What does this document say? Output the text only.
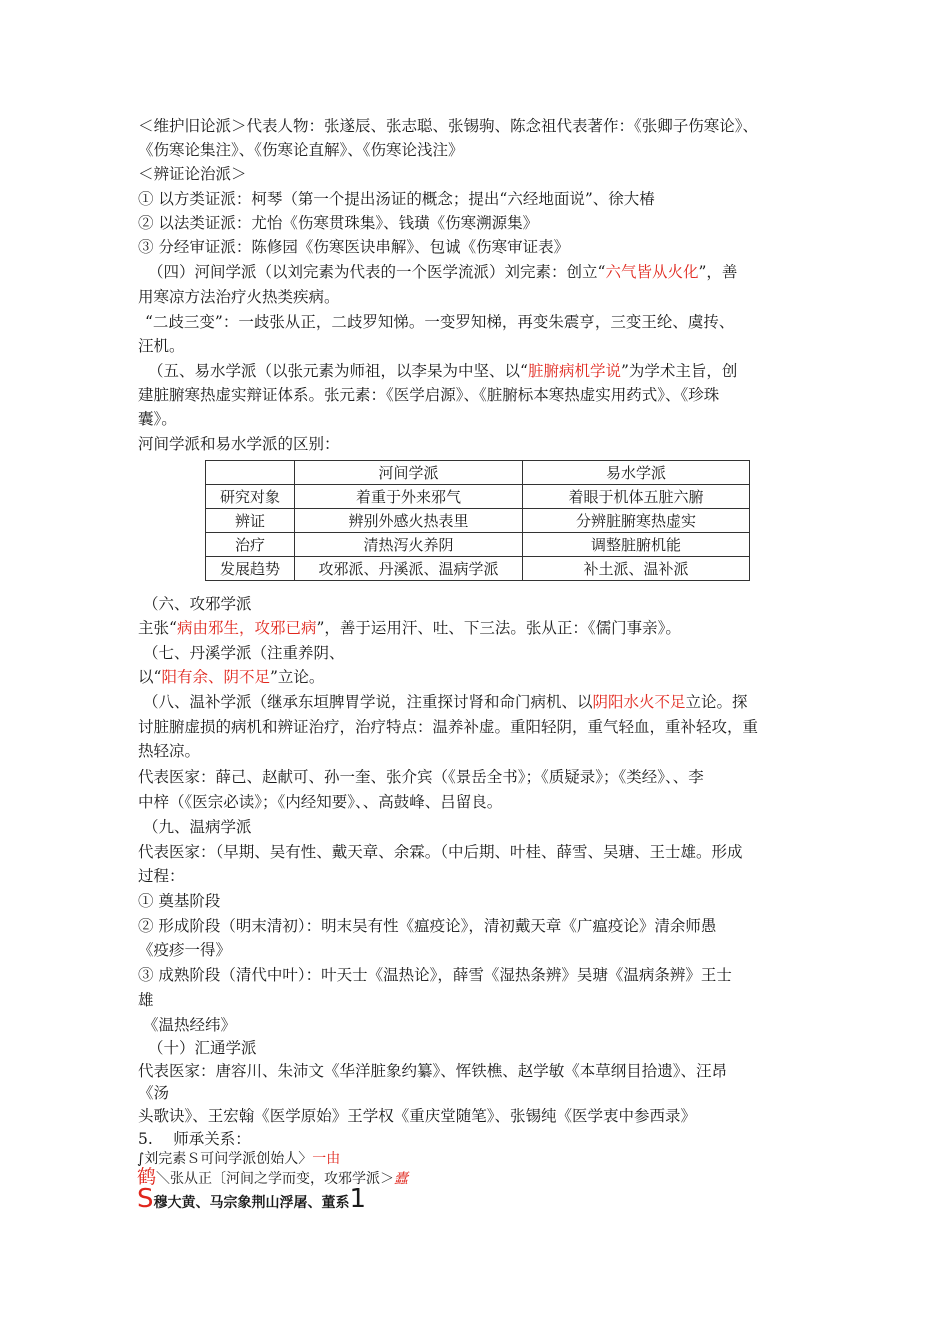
＜维护旧论派＞代表人物：张遂辰、张志聪、张锡驹、陈念祖代表著作：《张卿子伤寒论》、
《伤寒论集注》、《伤寒论直解》、《伤寒论浅注》
＜辨证论治派＞
① 以方类证派：柯琴（第一个提出汤证的概念；提出“六经地面说”、徐大椿
② 以法类证派：尤怡《伤寒贯珠集》、钱璜《伤寒溯源集》
③ 分经审证派：陈修园《伤寒医诀串解》、包诚《伤寒审证表》
（四）河间学派（以刘完素为代表的一个医学流派）刘完素：创立“六气皆从火化”，善
用寒凉方法治疗火热类疾病。
“二歧三变”：一歧张从正，二歧罗知悌。一变罗知梯，再变朱震亨，三变王纶、虞抟、
汪机。
（五、易水学派（以张元素为师祖，以李杲为中坚、以“脏腑病机学说”为学术主旨，创
建脏腑寒热虚实辩证体系。张元素：《医学启源》、《脏腑标本寒热虚实用药式》、《珍珠
囊》。
河间学派和易水学派的区别：
	河间学派	易水学派
研究对象	着重于外来邪气	着眼于机体五脏六腑
辨证	辨别外感火热表里	分辨脏腑寒热虚实
治疗	清热泻火养阴	调整脏腑机能
发展趋势	攻邪派、丹溪派、温病学派	补土派、温补派
（六、攻邪学派
主张“病由邪生，攻邪已病”，善于运用汗、吐、下三法。张从正：《儒门事亲》。
（七、丹溪学派（注重养阴、
以“阳有余、阴不足”立论。
（八、温补学派（继承东垣脾胃学说，注重探讨肾和命门病机、以阴阳水火不足立论。探
讨脏腑虚损的病机和辨证治疗，治疗特点：温养补虚。重阳轻阴，重气轻血，重补轻攻，重
热轻凉。
代表医家：薛己、赵献可、孙一奎、张介宾（《景岳全书》；《质疑录》；《类经》、、李
中梓（《医宗必读》；《内经知要》、、高鼓峰、吕留良。
（九、温病学派
代表医家：（早期、吴有性、戴天章、余霖。（中后期、叶桂、薛雪、吴瑭、王士雄。形成
过程：
① 奠基阶段
② 形成阶段（明末清初）：明末吴有性《瘟疫论》，清初戴天章《广瘟疫论》清余师愚
《疫疹一得》
③ 成熟阶段（清代中叶）：叶天士《温热论》，薛雪《湿热条辨》吴瑭《温病条辨》王士
雄
《温热经纬》
（十）汇通学派
代表医家：唐容川、朱沛文《华洋脏象约纂》、恽铁樵、赵学敏《本草纲目拾遗》、汪昂
《汤
头歌诀》、王宏翰《医学原始》王学权《重庆堂随笔》、张锡纯《医学衷中参西录》
5.　 师承关系：
∫刘完素Ｓ可问学派创始人〉一由
鹤＼张从正〔河间之学而变，攻邪学派＞蠹
S穆大黄、马宗象荆山浮屠、董系1
